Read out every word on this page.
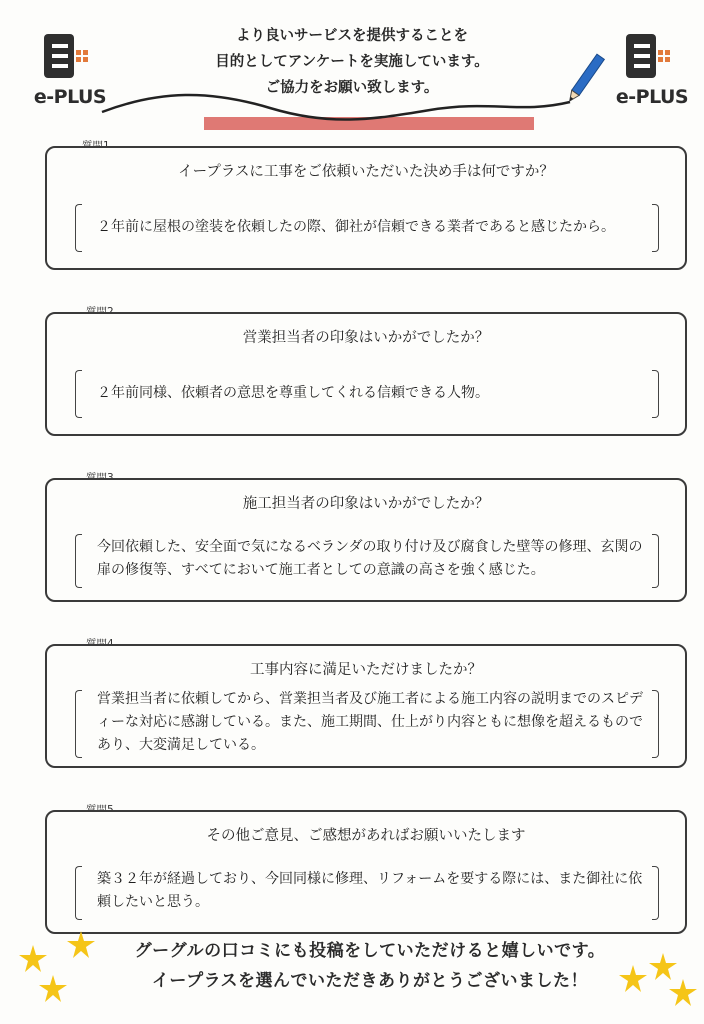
e-PLUS	e-PLUS
より良いサービスを提供することを
目的としてアンケートを実施しています。
ご協力をお願い致します。
イープラスに工事をご依頼いただいた決め手は何ですか？
２年前に屋根の塗装を依頼したの際、御社が信頼できる業者であると感じたから。
営業担当者の印象はいかがでしたか？
２年前同様、依頼者の意思を尊重してくれる信頼できる人物。
施工担当者の印象はいかがでしたか？
今回依頼した、安全面で気になるベランダの取り付け及び腐食した壁等の修理、玄関の扉の修復等、すべてにおいて施工者としての意識の高さを強く感じた。
工事内容に満足いただけましたか？
営業担当者に依頼してから、営業担当者及び施工者による施工内容の説明までのスピディーな対応に感謝している。また、施工期間、仕上がり内容ともに想像を超えるものであり、大変満足している。
その他ご意見、ご感想があればお願いいたします
築３２年が経過しており、今回同様に修理、リフォームを要する際には、また御社に依頼したいと思う。
グーグルの口コミにも投稿をしていただけると嬉しいです。
イープラスを選んでいただきありがとうございました！
